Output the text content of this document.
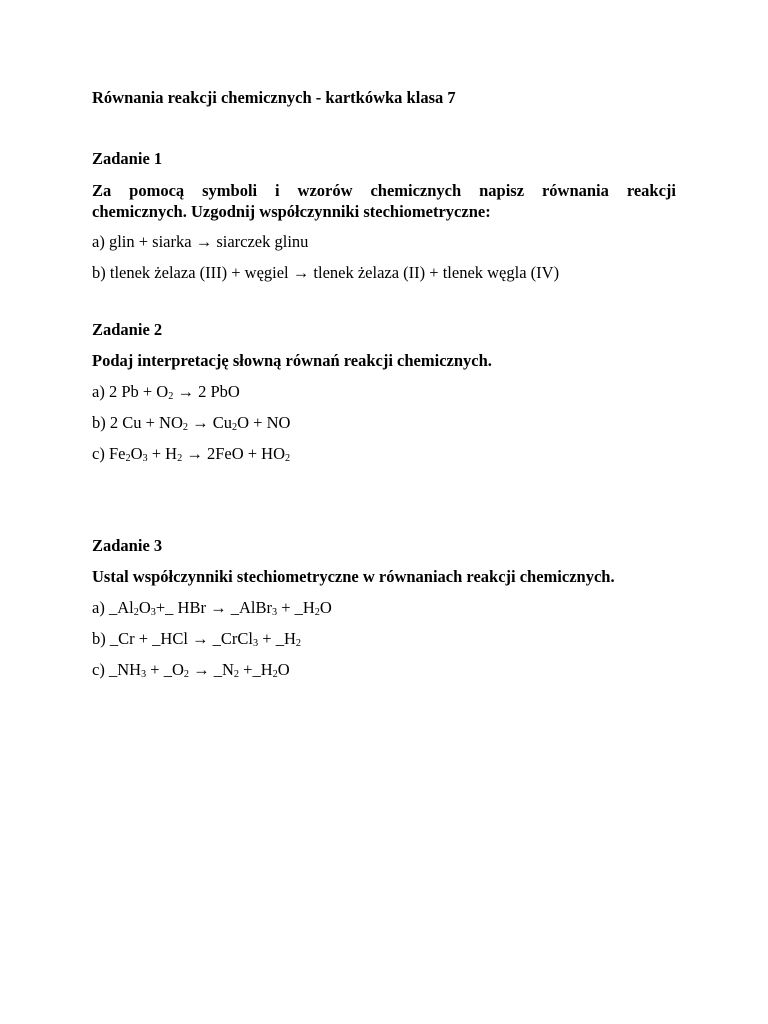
Równania reakcji chemicznych - kartkówka klasa 7
Zadanie 1
Za pomocą symboli i wzorów chemicznych napisz równania reakcji
chemicznych. Uzgodnij współczynniki stechiometryczne:
a) glin + siarka → siarczek glinu
b) tlenek żelaza (III) + węgiel → tlenek żelaza (II) + tlenek węgla (IV)
Zadanie 2
Podaj interpretację słowną równań reakcji chemicznych.
a) 2 $Pb + O_2 \to 2$ PbO
b) 2 $Cu + NO_2 \to Cu_2O$ + NO
c) $Fe_2O_3 + H_2 \to 2FeO + HO_2$
Zadanie 3
Ustal współczynniki stechiometryczne w równaniach reakcji chemicznych.
a) $\_Al_2O_3+\_$ HBr → _AlBr$_3$ + $\_H_2O$
b) _Cr + _HCl → _CrCl$_3$ + $\_H_2$
c) $\_NH_3$ + $\_O_2$ → $\_N_2$ $+\_H_2O$
